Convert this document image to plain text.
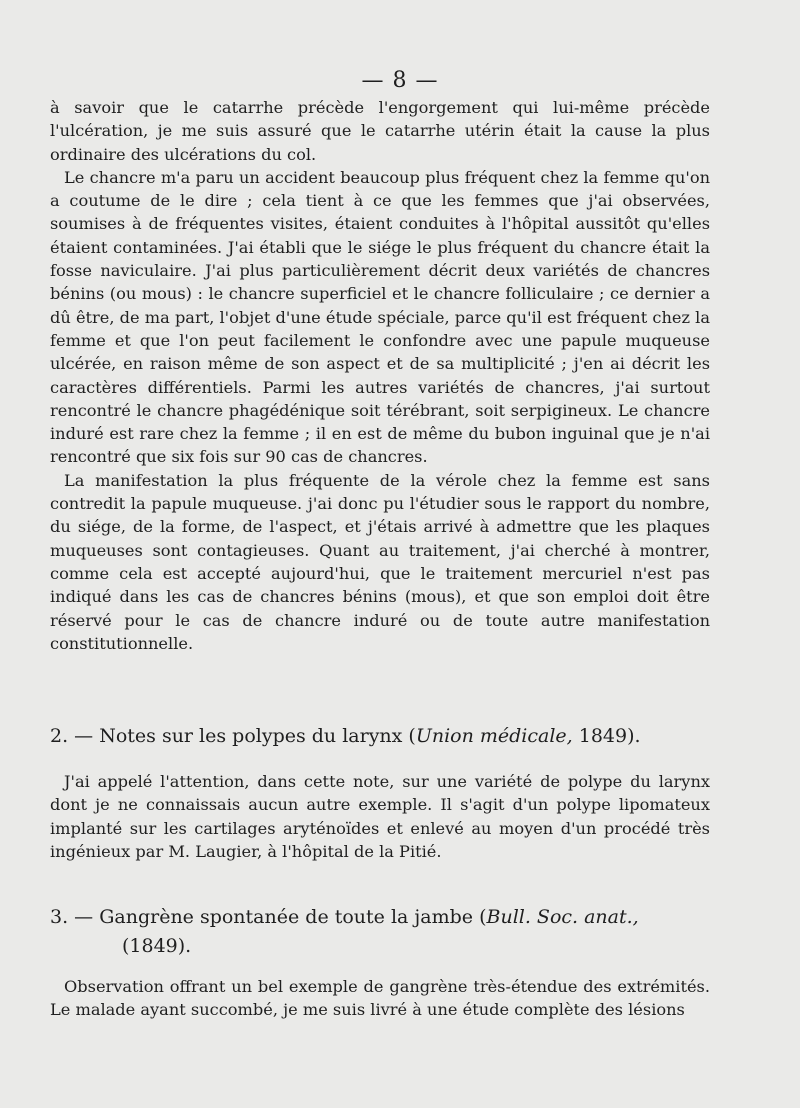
— 8 —

à savoir que le catarrhe précède l'engorgement qui lui-même précède l'ulcération, je me suis assuré que le catarrhe utérin était la cause la plus ordinaire des ulcérations du col.

Le chancre m'a paru un accident beaucoup plus fréquent chez la femme qu'on a coutume de le dire ; cela tient à ce que les femmes que j'ai observées, soumises à de fréquentes visites, étaient conduites à l'hôpital aussitôt qu'elles étaient contaminées. J'ai établi que le siége le plus fréquent du chancre était la fosse naviculaire. J'ai plus particulièrement décrit deux variétés de chancres bénins (ou mous) : le chancre superficiel et le chancre folliculaire ; ce dernier a dû être, de ma part, l'objet d'une étude spéciale, parce qu'il est fréquent chez la femme et que l'on peut facilement le confondre avec une papule muqueuse ulcérée, en raison même de son aspect et de sa multiplicité ; j'en ai décrit les caractères différentiels. Parmi les autres variétés de chancres, j'ai surtout rencontré le chancre phagédénique soit térébrant, soit serpigineux. Le chancre induré est rare chez la femme ; il en est de même du bubon inguinal que je n'ai rencontré que six fois sur 90 cas de chancres.

La manifestation la plus fréquente de la vérole chez la femme est sans contredit la papule muqueuse. j'ai donc pu l'étudier sous le rapport du nombre, du siége, de la forme, de l'aspect, et j'étais arrivé à admettre que les plaques muqueuses sont contagieuses. Quant au traitement, j'ai cherché à montrer, comme cela est accepté aujourd'hui, que le traitement mercuriel n'est pas indiqué dans les cas de chancres bénins (mous), et que son emploi doit être réservé pour le cas de chancre induré ou de toute autre manifestation constitutionnelle.

2. — Notes sur les polypes du larynx (Union médicale, 1849).

J'ai appelé l'attention, dans cette note, sur une variété de polype du larynx dont je ne connaissais aucun autre exemple. Il s'agit d'un polype lipomateux implanté sur les cartilages aryténoïdes et enlevé au moyen d'un procédé très ingénieux par M. Laugier, à l'hôpital de la Pitié.

3. — Gangrène spontanée de toute la jambe (Bull. Soc. anat.,
(1849).

Observation offrant un bel exemple de gangrène très-étendue des extrémités. Le malade ayant succombé, je me suis livré à une étude complète des lésions
